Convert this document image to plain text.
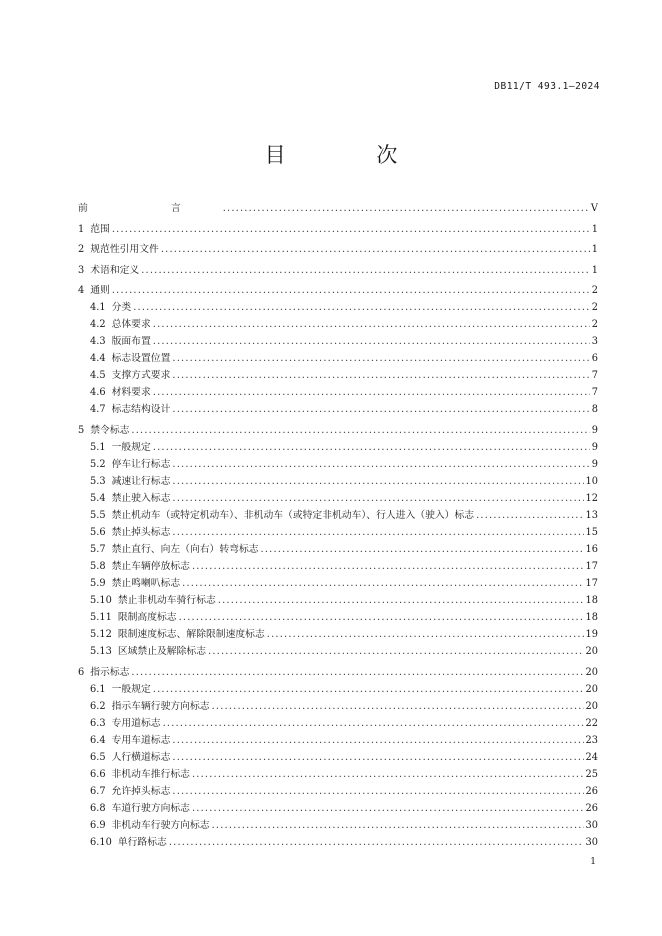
DB11/T 493.1—2024
目 次
前 言 .....	V
1 范围 .....	1
2 规范性引用文件 .....	1
3 术语和定义 .....	1
4 通则 .....	2
4.1 分类 .....	2
4.2 总体要求 .....	2
4.3 版面布置 .....	3
4.4 标志设置位置 .....	6
4.5 支撑方式要求 .....	7
4.6 材料要求 .....	7
4.7 标志结构设计 .....	8
5 禁令标志 .....	9
5.1 一般规定 .....	9
5.2 停车让行标志 .....	9
5.3 减速让行标志 .....	10
5.4 禁止驶入标志 .....	12
5.5 禁止机动车（或特定机动车）、非机动车（或特定非机动车）、行人进入（驶入）标志 .....	13
5.6 禁止掉头标志 .....	15
5.7 禁止直行、向左（向右）转弯标志 .....	16
5.8 禁止车辆停放标志 .....	17
5.9 禁止鸣喇叭标志 .....	17
5.10 禁止非机动车骑行标志 .....	18
5.11 限制高度标志 .....	18
5.12 限制速度标志、解除限制速度标志 .....	19
5.13 区域禁止及解除标志 .....	20
6 指示标志 .....	20
6.1 一般规定 .....	20
6.2 指示车辆行驶方向标志 .....	20
6.3 专用道标志 .....	22
6.4 专用车道标志 .....	23
6.5 人行横道标志 .....	24
6.6 非机动车推行标志 .....	25
6.7 允许掉头标志 .....	26
6.8 车道行驶方向标志 .....	26
6.9 非机动车行驶方向标志 .....	30
6.10 单行路标志 .....	30
1
